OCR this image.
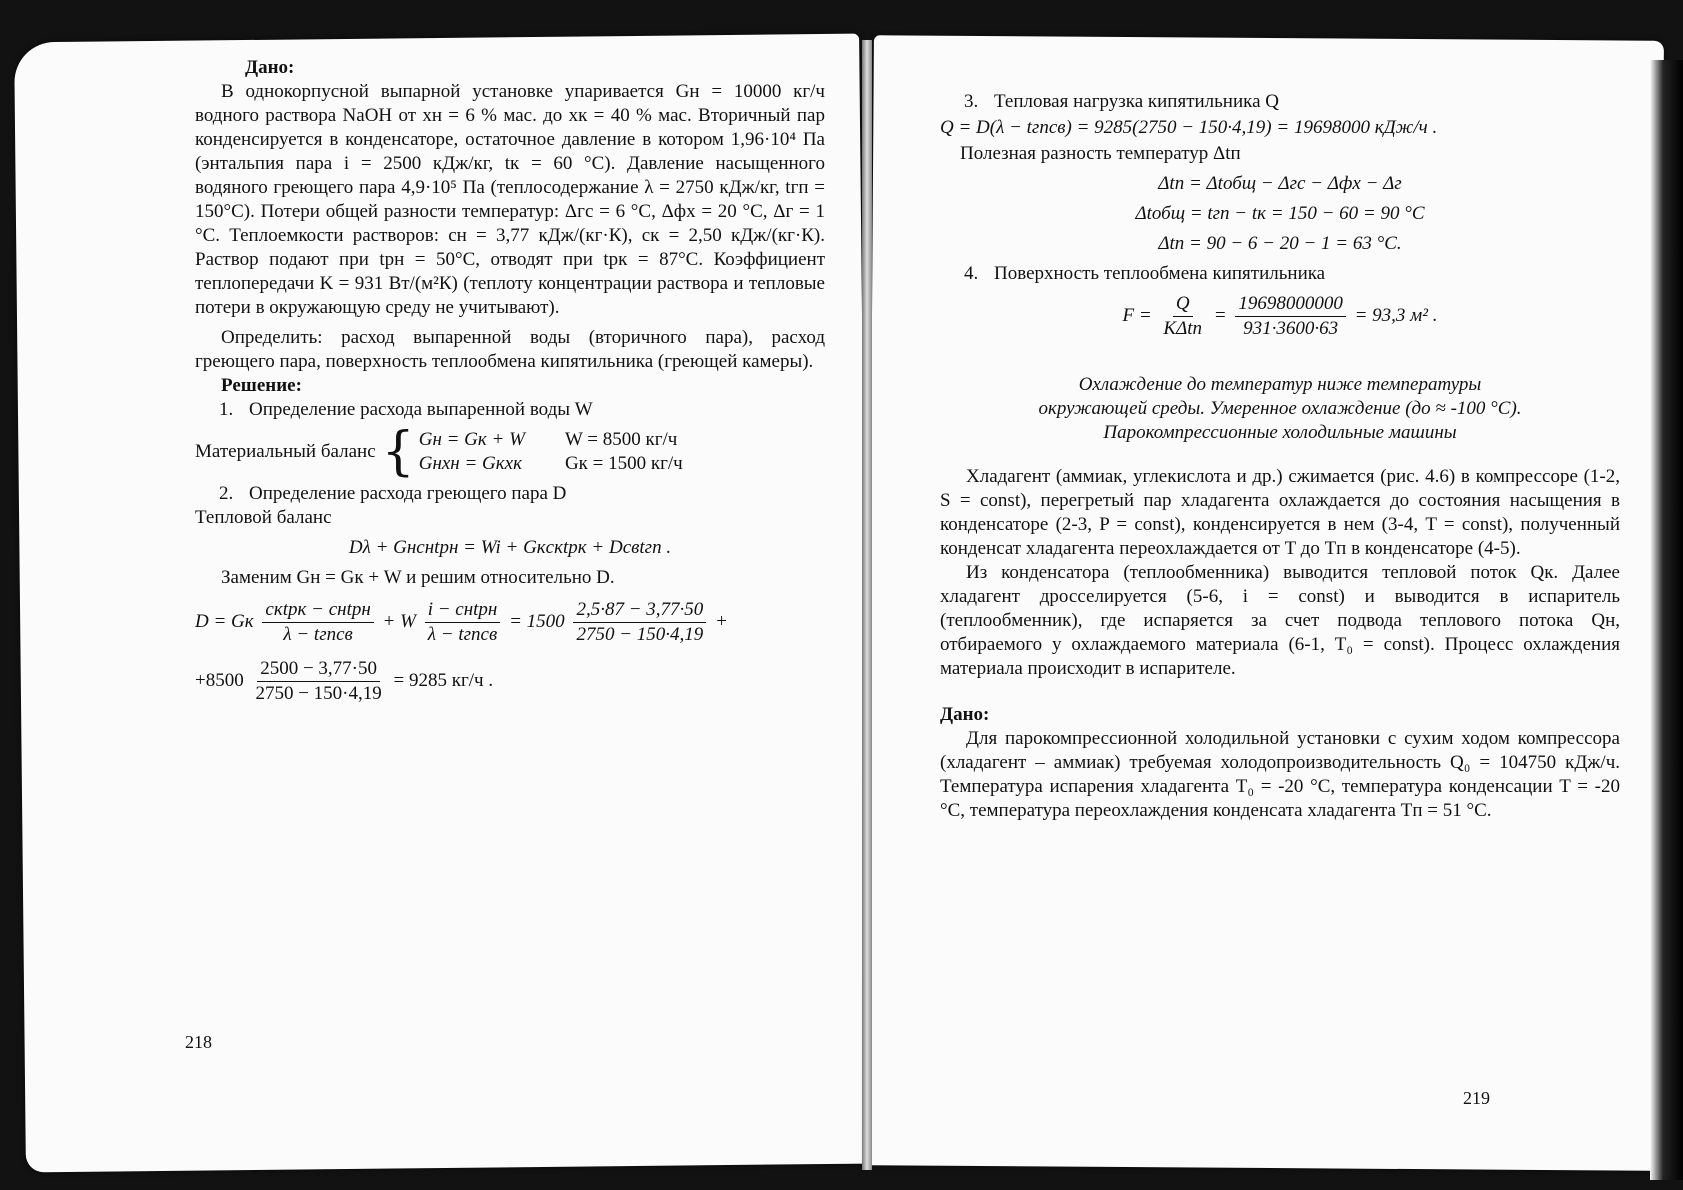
Дано:

В однокорпусной выпарной установке упаривается Gн = 10000 кг/ч водного раствора NaOH от xн = 6 % мас. до xк = 40 % мас. Вторичный пар конденсируется в конденсаторе, остаточное давление в котором 1,96·10⁴ Па (энтальпия пара i = 2500 кДж/кг, tк = 60 °C). Давление насыщенного водяного греющего пара 4,9·10⁵ Па (теплосодержание λ = 2750 кДж/кг, tгп = 150°C). Потери общей разности температур: Δгс = 6 °C, Δфх = 20 °C, Δг = 1 °C. Теплоемкости растворов: cн = 3,77 кДж/(кг·К), cк = 2,50 кДж/(кг·К). Раствор подают при tрн = 50°C, отводят при tрк = 87°C. Коэффициент теплопередачи K = 931 Вт/(м²К) (теплоту концентрации раствора и тепловые потери в окружающую среду не учитывают).

Определить: расход выпаренной воды (вторичного пара), расход греющего пара, поверхность теплообмена кипятильника (греющей камеры).

Решение:

1. Определение расхода выпаренной воды W

Материальный баланс { Gн = Gк + W
Gнxн = Gкxк
W = 8500 кг/ч
Gк = 1500 кг/ч

2. Определение расхода греющего пара D

Тепловой баланс

Dλ + Gнcнtрн = Wi + Gкcкtрк + Dcвtгп .

Заменим Gн = Gк + W и решим относительно D.

D = Gк $\frac{\text{cкtрк − cнtрн}}{\text{λ − tгпcв}} + W \frac{\text{i − cнtрн}}{\text{λ − tгпcв}} = 1500 \frac{2,5\cdot 87 - 3,77\cdot 50}{2750 - 150\cdot 4,19}$ +
$+8500 \frac{2500 - 3,77\cdot 50}{2750 - 150\cdot 4,19} = 9285$ кг/ч .
218

3. Тепловая нагрузка кипятильника Q

Q = D(λ − tгпcв) = 9285(2750 − 150·4,19) = 19698000 кДж/ч .

Полезная разность температур Δtп

Δtп = Δtобщ − Δгс − Δфх − Δг

Δtобщ = tгп − tк = 150 − 60 = 90 °C

Δtп = 90 − 6 − 20 − 1 = 63 °C.

4. Поверхность теплообмена кипятильника

$F = \frac{Q}{\text{KΔtп}} = \frac{19698000000}{931\cdot 3600\cdot 63} = 93,3$ м² .

Охлаждение до температур ниже температуры

окружающей среды. Умеренное охлаждение (до ≈ -100 °C).

Парокомпрессионные холодильные машины

Хладагент (аммиак, углекислота и др.) сжимается (рис. 4.6) в компрессоре (1-2, S = const), перегретый пар хладагента охлаждается до состояния насыщения в конденсаторе (2-3, P = const), конденсируется в нем (3-4, T = const), полученный конденсат хладагента переохлаждается от T до Tп в конденсаторе (4-5).

Из конденсатора (теплообменника) выводится тепловой поток Qк. Далее хладагент дросселируется (5-6, i = const) и выводится в испаритель (теплообменник), где испаряется за счет подвода теплового потока Qн, отбираемого у охлаждаемого материала (6-1, T₀ = const). Процесс охлаждения материала происходит в испарителе.

Дано:

Для парокомпрессионной холодильной установки с сухим ходом компрессора (хладагент – аммиак) требуемая холодопроизводительность Q₀ = 104750 кДж/ч. Температура испарения хладагента T₀ = -20 °C, температура конденсации T = -20 °C, температура переохлаждения конденсата хладагента Tп = 51 °C.

219
